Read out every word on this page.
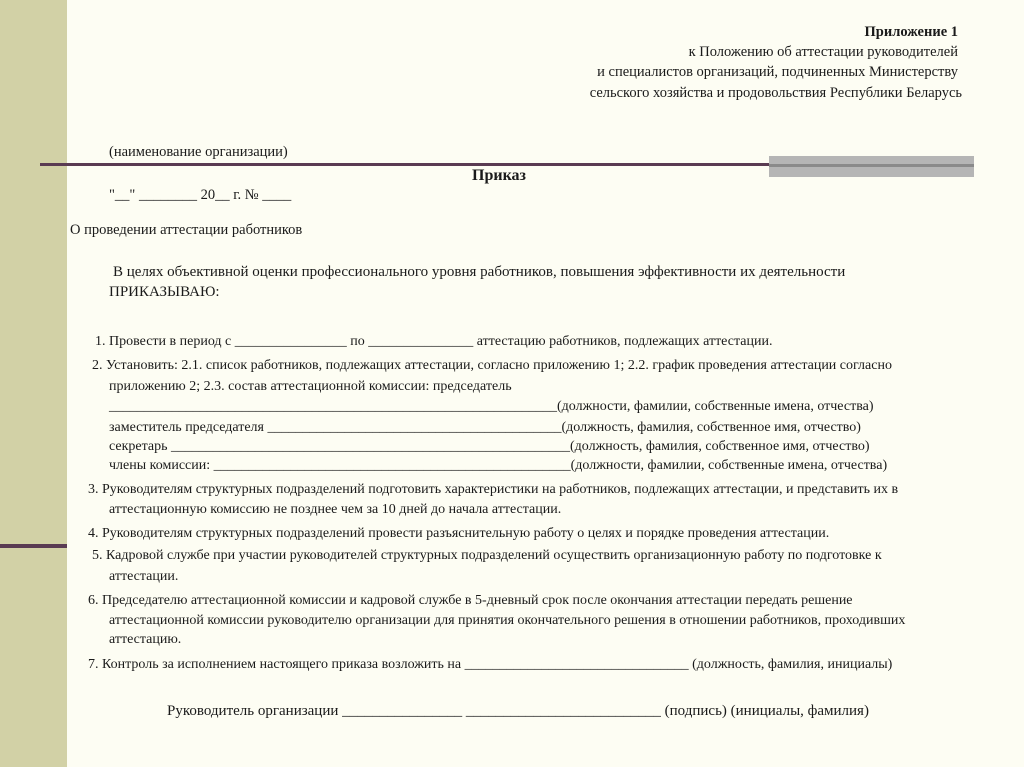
Приложение 1

к Положению об аттестации руководителей

и специалистов организаций, подчиненных Министерству

сельского хозяйства и продовольствия Республики Беларусь

(наименование организации)

Приказ

"__" ________ 20__ г. № ____

О проведении аттестации работников

В целях объективной оценки профессионального уровня работников, повышения эффективности их деятельности

ПРИКАЗЫВАЮ:

1. Провести в период с ________________ по _______________ аттестацию работников, подлежащих аттестации.

2. Установить: 2.1. список работников, подлежащих аттестации, согласно приложению 1; 2.2. график проведения аттестации согласно

приложению 2; 2.3. состав аттестационной комиссии: председатель

________________________________________________________________(должности, фамилии, собственные имена, отчества)

заместитель председателя __________________________________________(должность, фамилия, собственное имя, отчество)

секретарь _________________________________________________________(должность, фамилия, собственное имя, отчество)

члены комиссии: ___________________________________________________(должности, фамилии, собственные имена, отчества)

3. Руководителям структурных подразделений подготовить характеристики на работников, подлежащих аттестации, и представить их в

аттестационную комиссию не позднее чем за 10 дней до начала аттестации.

4. Руководителям структурных подразделений провести разъяснительную работу о целях и порядке проведения аттестации.

5. Кадровой службе при участии руководителей структурных подразделений осуществить организационную работу по подготовке к

аттестации.

6. Председателю аттестационной комиссии и кадровой службе в 5-дневный срок после окончания аттестации передать решение

аттестационной комиссии руководителю организации для принятия окончательного решения в отношении работников, проходивших

аттестацию.

7. Контроль за исполнением настоящего приказа возложить на ________________________________ (должность, фамилия, инициалы)

Руководитель организации ________________ __________________________ (подпись) (инициалы, фамилия)
